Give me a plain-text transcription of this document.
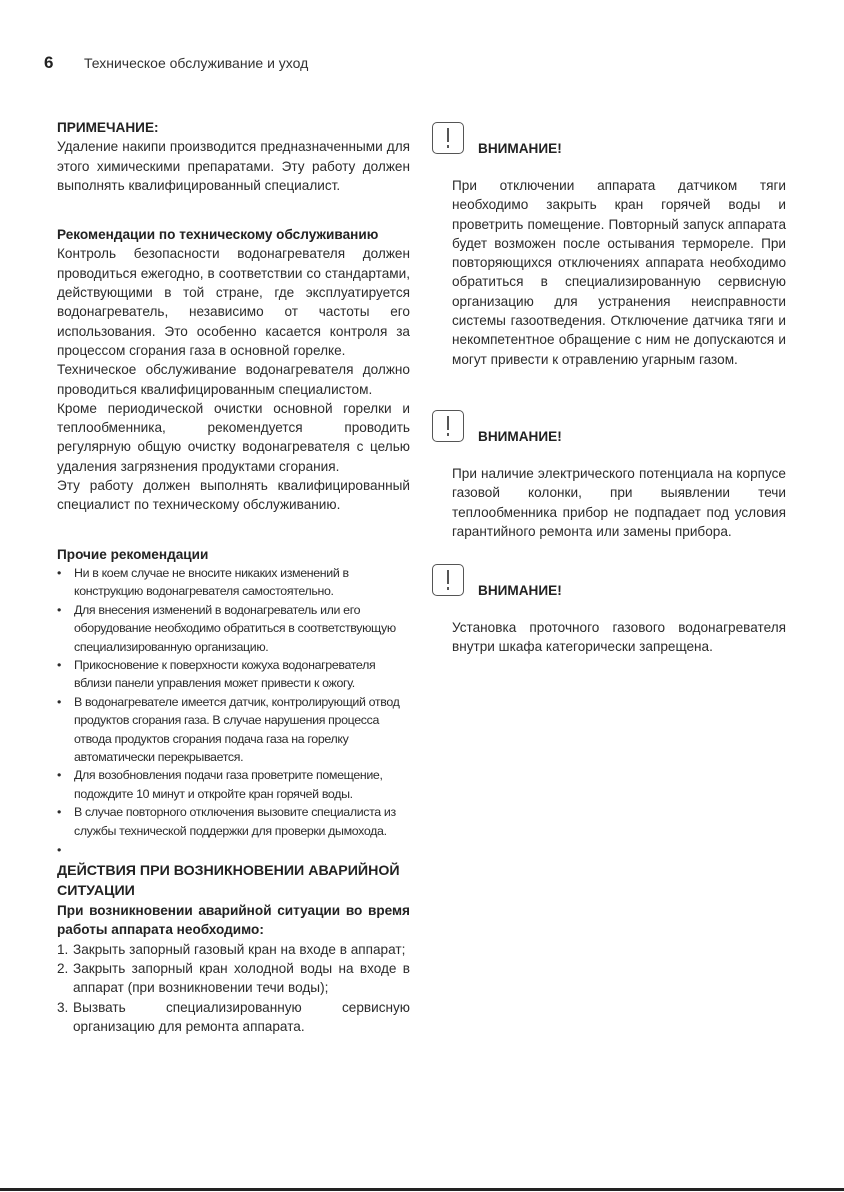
6	Техническое обслуживание и уход

ПРИМЕЧАНИЕ:

Удаление накипи производится предназначенными для этого химическими препаратами. Эту работу должен выполнять квалифицированный специалист.

Рекомендации по техническому обслуживанию

Контроль безопасности водонагревателя должен проводиться ежегодно, в соответствии со стандартами, действующими в той стране, где эксплуатируется водонагреватель, независимо от частоты его использования. Это особенно касается контроля за процессом сгорания газа в основной горелке.

Техническое обслуживание водонагревателя должно проводиться квалифицированным специалистом.

Кроме периодической очистки основной горелки и теплообменника, рекомендуется проводить регулярную общую очистку водонагревателя с целью удаления загрязнения продуктами сгорания.

Эту работу должен выполнять квалифицированный специалист по техническому обслуживанию.

Прочие рекомендации

• Ни в коем случае не вносите никаких изменений в конструкцию водонагревателя самостоятельно.
• Для внесения изменений в водонагреватель или его оборудование необходимо обратиться в соответствующую специализированную организацию.
• Прикосновение к поверхности кожуха водонагревателя вблизи панели управления может привести к ожогу.
• В водонагревателе имеется датчик, контролирующий отвод продуктов сгорания газа. В случае нарушения процесса отвода продуктов сгорания подача газа на горелку автоматически перекрывается.
• Для возобновления подачи газа проветрите помещение, подождите 10 минут и откройте кран горячей воды.
• В случае повторного отключения вызовите специалиста из службы технической поддержки для проверки дымохода.
•

ДЕЙСТВИЯ ПРИ ВОЗНИКНОВЕНИИ АВАРИЙНОЙ СИТУАЦИИ

При возникновении аварийной ситуации во время работы аппарата необходимо:

1. Закрыть запорный газовый кран на входе в аппарат;
2. Закрыть запорный кран холодной воды на входе в аппарат (при возникновении течи воды);
3. Вызвать специализированную сервисную организацию для ремонта аппарата.
ВНИМАНИЕ!

При отключении аппарата датчиком тяги необходимо закрыть кран горячей воды и проветрить помещение. Повторный запуск аппарата будет возможен после остывания термореле. При повторяющихся отключениях аппарата необходимо обратиться в специализированную сервисную организацию для устранения неисправности системы газоотведения. Отключение датчика тяги и некомпетентное обращение с ним не допускаются и могут привести к отравлению угарным газом.

ВНИМАНИЕ!

При наличие электрического потенциала на корпусе газовой колонки, при выявлении течи теплообменника прибор не подпадает под условия гарантийного ремонта или замены прибора.

ВНИМАНИЕ!

Установка проточного газового водонагревателя внутри шкафа категорически запрещена.
